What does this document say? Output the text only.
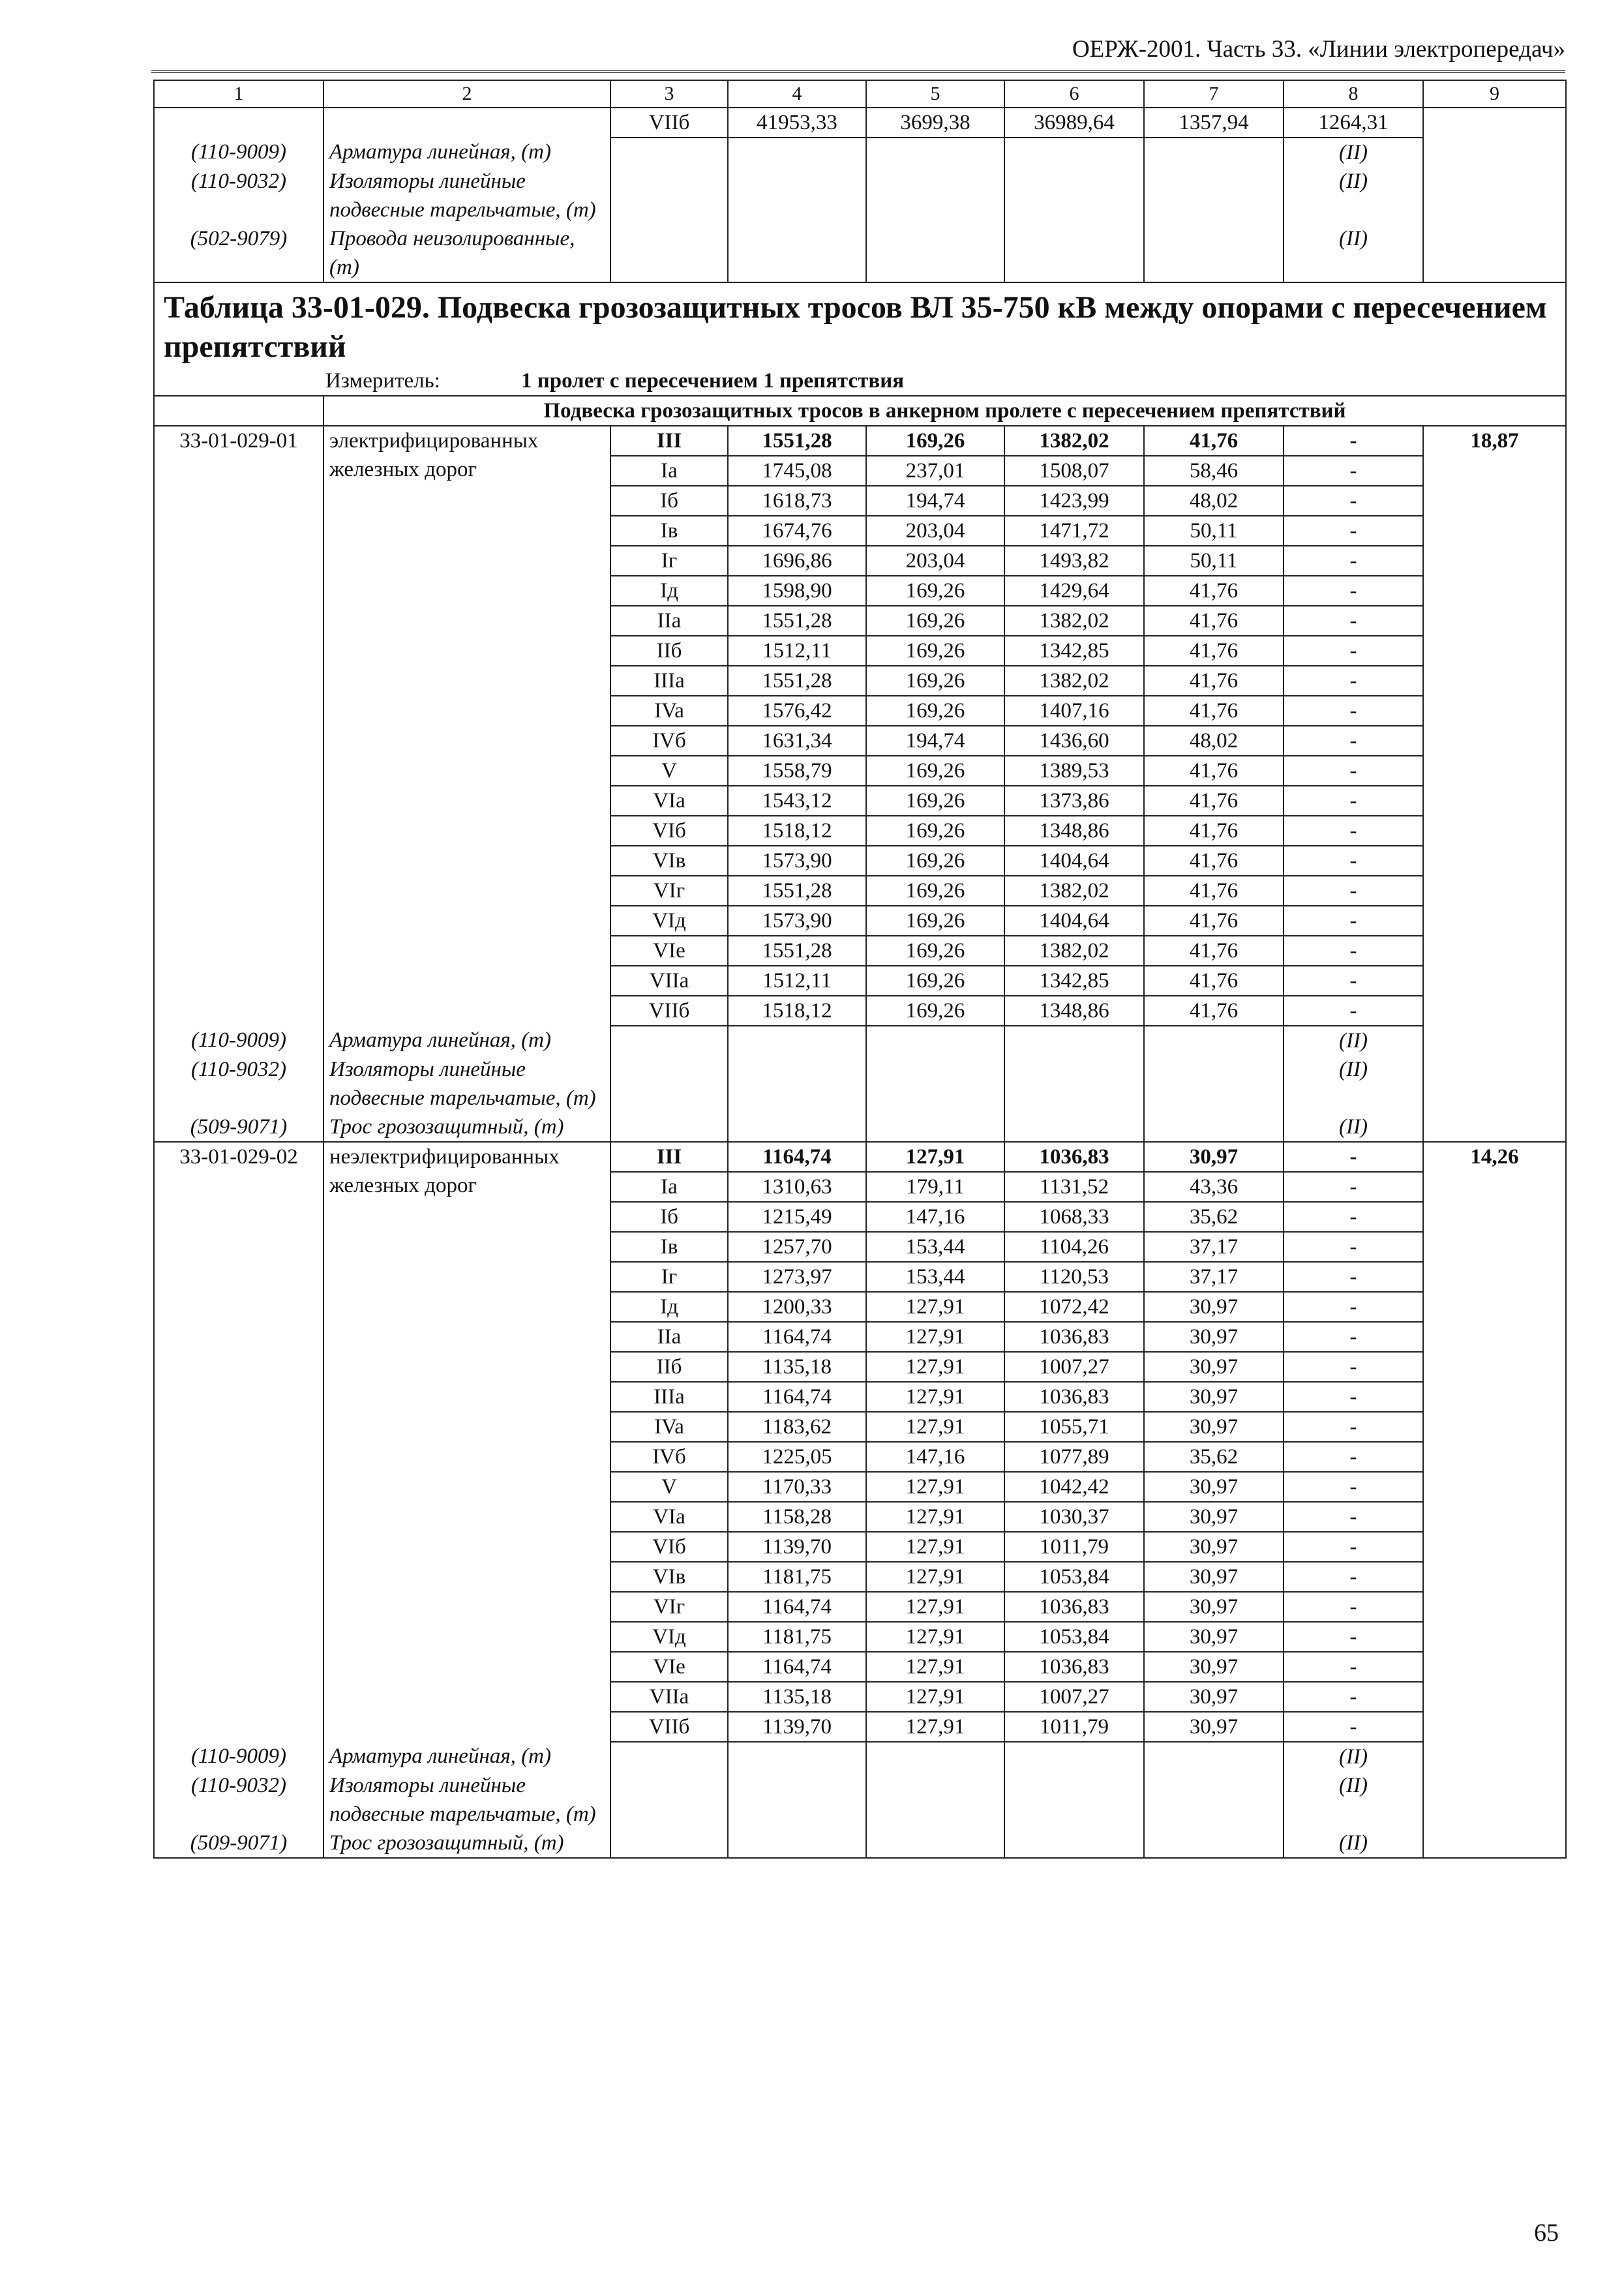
ОЕРЖ-2001. Часть 33. «Линии электропередач»
1	2	3	4	5	6	7	8	9
		VIIб	41953,33	3699,38	36989,64	1357,94	1264,31	
(110-9009)	Арматура линейная, (т)						(II)	
(110-9032)	Изоляторы линейные подвесные тарельчатые, (т)						(II)	
(502-9079)	Провода неизолированные, (т)						(II)	

Таблица 33-01-029. Подвеска грозозащитных тросов ВЛ 35-750 кВ между опорами с пересечением препятствий
Измеритель: 1 пролет с пересечением 1 препятствия								

	Подвеска грозозащитных тросов в анкерном пролете с пересечением препятствий							
33-01-029-01	электрифицированных железных дорог	III	1551,28	169,26	1382,02	41,76	-	18,87
		Ia	1745,08	237,01	1508,07	58,46	-	
		Iб	1618,73	194,74	1423,99	48,02	-	
		Iв	1674,76	203,04	1471,72	50,11	-	
		Iг	1696,86	203,04	1493,82	50,11	-	
		Iд	1598,90	169,26	1429,64	41,76	-	
		IIa	1551,28	169,26	1382,02	41,76	-	
		IIб	1512,11	169,26	1342,85	41,76	-	
		IIIa	1551,28	169,26	1382,02	41,76	-	
		IVa	1576,42	169,26	1407,16	41,76	-	
		IVб	1631,34	194,74	1436,60	48,02	-	
		V	1558,79	169,26	1389,53	41,76	-	
		VIa	1543,12	169,26	1373,86	41,76	-	
		VIб	1518,12	169,26	1348,86	41,76	-	
		VIв	1573,90	169,26	1404,64	41,76	-	
		VIг	1551,28	169,26	1382,02	41,76	-	
		VIд	1573,90	169,26	1404,64	41,76	-	
		VIe	1551,28	169,26	1382,02	41,76	-	
		VIIa	1512,11	169,26	1342,85	41,76	-	
		VIIб	1518,12	169,26	1348,86	41,76	-	
(110-9009)	Арматура линейная, (т)						(II)	
(110-9032)	Изоляторы линейные подвесные тарельчатые, (т)						(II)	
(509-9071)	Трос грозозащитный, (т)						(II)	
33-01-029-02	неэлектрифицированных железных дорог	III	1164,74	127,91	1036,83	30,97	-	14,26
		Ia	1310,63	179,11	1131,52	43,36	-	
		Iб	1215,49	147,16	1068,33	35,62	-	
		Iв	1257,70	153,44	1104,26	37,17	-	
		Iг	1273,97	153,44	1120,53	37,17	-	
		Iд	1200,33	127,91	1072,42	30,97	-	
		IIa	1164,74	127,91	1036,83	30,97	-	
		IIб	1135,18	127,91	1007,27	30,97	-	
		IIIa	1164,74	127,91	1036,83	30,97	-	
		IVa	1183,62	127,91	1055,71	30,97	-	
		IVб	1225,05	147,16	1077,89	35,62	-	
		V	1170,33	127,91	1042,42	30,97	-	
		VIa	1158,28	127,91	1030,37	30,97	-	
		VIб	1139,70	127,91	1011,79	30,97	-	
		VIв	1181,75	127,91	1053,84	30,97	-	
		VIг	1164,74	127,91	1036,83	30,97	-	
		VIд	1181,75	127,91	1053,84	30,97	-	
		VIe	1164,74	127,91	1036,83	30,97	-	
		VIIa	1135,18	127,91	1007,27	30,97	-	
		VIIб	1139,70	127,91	1011,79	30,97	-	
(110-9009)	Арматура линейная, (т)						(II)	
(110-9032)	Изоляторы линейные подвесные тарельчатые, (т)						(II)	
(509-9071)	Трос грозозащитный, (т)						(II)	
65
